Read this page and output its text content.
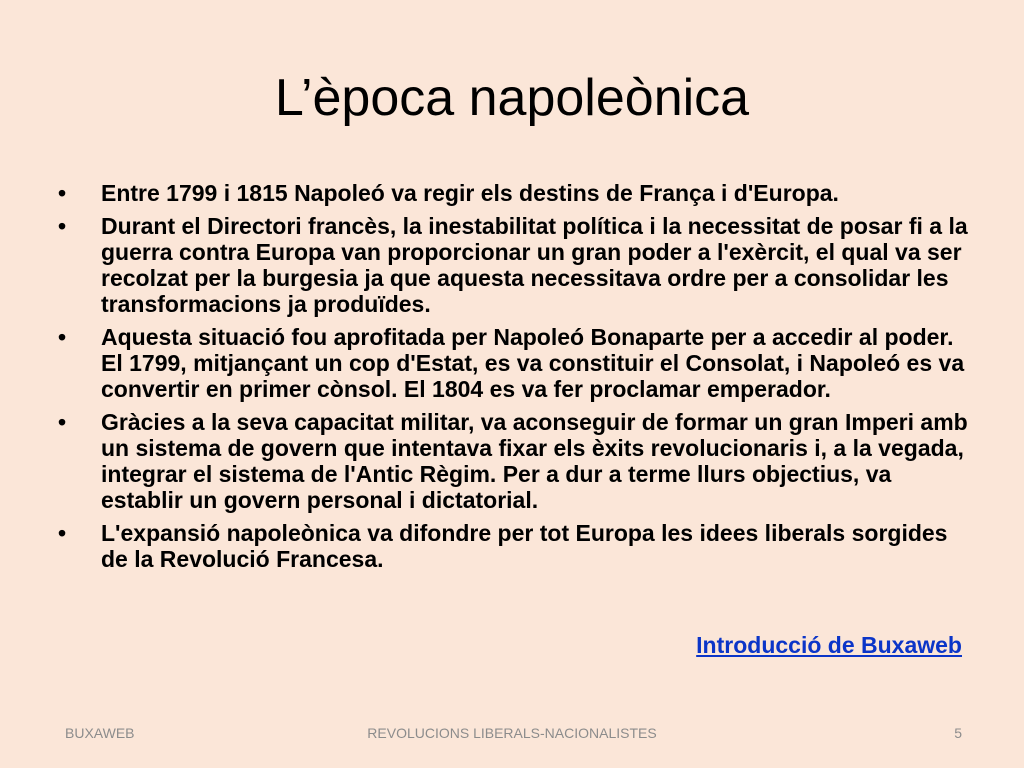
L’època napoleònica
• Entre 1799 i 1815 Napoleó va regir els destins de França i d'Europa.
• Durant el Directori francès, la inestabilitat política i la necessitat de posar fi a la guerra contra Europa van proporcionar un gran poder a l'exèrcit, el qual va ser recolzat per la burgesia ja que aquesta necessitava ordre per a consolidar les transformacions ja produïdes.
• Aquesta situació fou aprofitada per Napoleó Bonaparte per a accedir al poder. El 1799, mitjançant un cop d'Estat, es va constituir el Consolat, i Napoleó es va convertir en primer cònsol. El 1804 es va fer proclamar emperador.
• Gràcies a la seva capacitat militar, va aconseguir de formar un gran Imperi amb un sistema de govern que intentava fixar els èxits revolucionaris i, a la vegada, integrar el sistema de l'Antic Règim. Per a dur a terme llurs objectius, va establir un govern personal i dictatorial.
• L'expansió napoleònica va difondre per tot Europa les idees liberals sorgides de la Revolució Francesa.
Introducció de Buxaweb
BUXAWEB	REVOLUCIONS LIBERALS-NACIONALISTES	5
